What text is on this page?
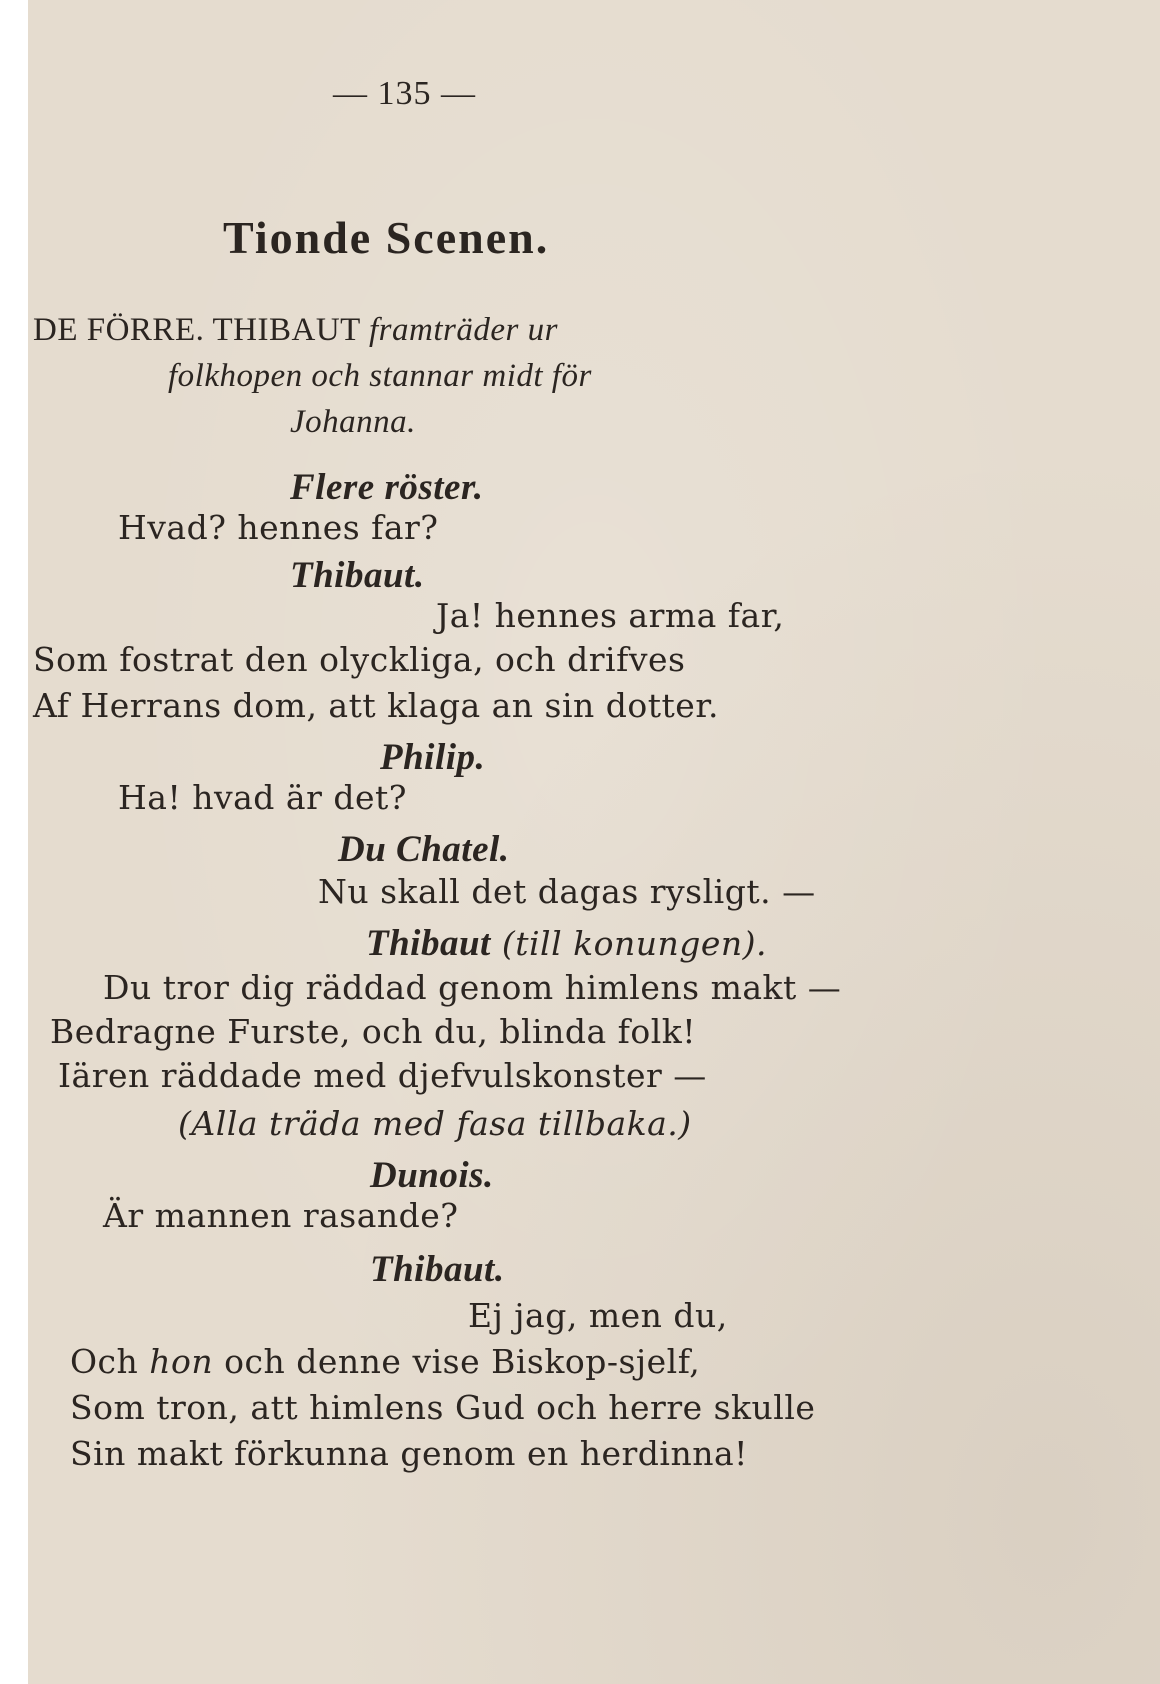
— 135 —
Tionde Scenen.
DE FÖRRE. THIBAUT framträder ur
folkhopen och stannar midt för
Johanna.
Flere röster.
Hvad? hennes far?
Thibaut.
Ja! hennes arma far,
Som fostrat den olyckliga, och drifves
Af Herrans dom, att klaga an sin dotter.
Philip.
Ha! hvad är det?
Du Chatel.
Nu skall det dagas rysligt. —
Thibaut (till konungen).
Du tror dig räddad genom himlens makt —
Bedragne Furste, och du, blinda folk!
Iären räddade med djefvulskonster —
(Alla träda med fasa tillbaka.)
Dunois.
Är mannen rasande?
Thibaut.
Ej jag, men du,
Och hon och denne vise Biskop-sjelf,
Som tron, att himlens Gud och herre skulle
Sin makt förkunna genom en herdinna!
